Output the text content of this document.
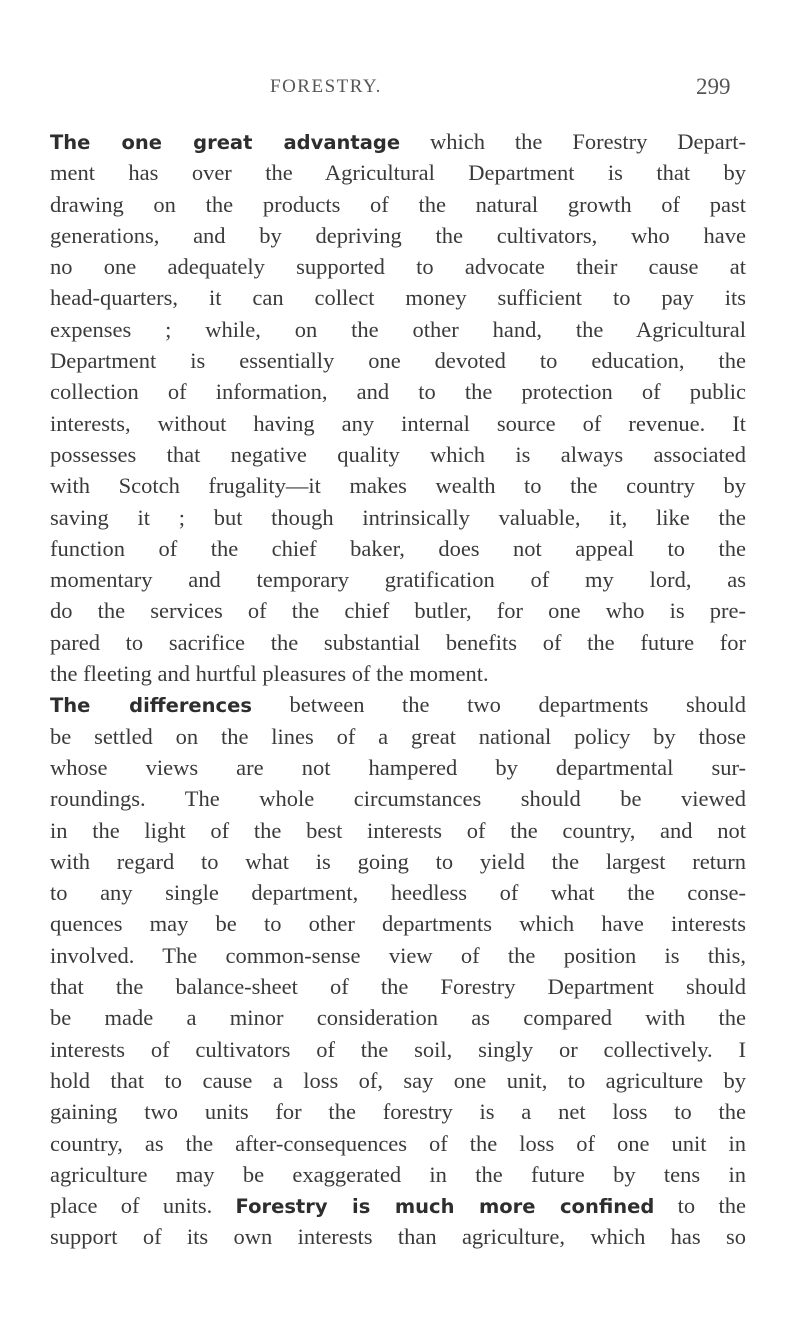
FORESTRY.	299
The one great advantage which the Forestry Depart-
ment has over the Agricultural Department is that by
drawing on the products of the natural growth of past
generations, and by depriving the cultivators, who have
no one adequately supported to advocate their cause at
head-quarters, it can collect money sufficient to pay its
expenses ; while, on the other hand, the Agricultural
Department is essentially one devoted to education, the
collection of information, and to the protection of public
interests, without having any internal source of revenue. It
possesses that negative quality which is always associated
with Scotch frugality—it makes wealth to the country by
saving it ; but though intrinsically valuable, it, like the
function of the chief baker, does not appeal to the
momentary and temporary gratification of my lord, as
do the services of the chief butler, for one who is pre-
pared to sacrifice the substantial benefits of the future for
the fleeting and hurtful pleasures of the moment.
The differences between the two departments should
be settled on the lines of a great national policy by those
whose views are not hampered by departmental sur-
roundings. The whole circumstances should be viewed
in the light of the best interests of the country, and not
with regard to what is going to yield the largest return
to any single department, heedless of what the conse-
quences may be to other departments which have interests
involved. The common-sense view of the position is this,
that the balance-sheet of the Forestry Department should
be made a minor consideration as compared with the
interests of cultivators of the soil, singly or collectively. I
hold that to cause a loss of, say one unit, to agriculture by
gaining two units for the forestry is a net loss to the
country, as the after-consequences of the loss of one unit in
agriculture may be exaggerated in the future by tens in
place of units. Forestry is much more confined to the
support of its own interests than agriculture, which has so
